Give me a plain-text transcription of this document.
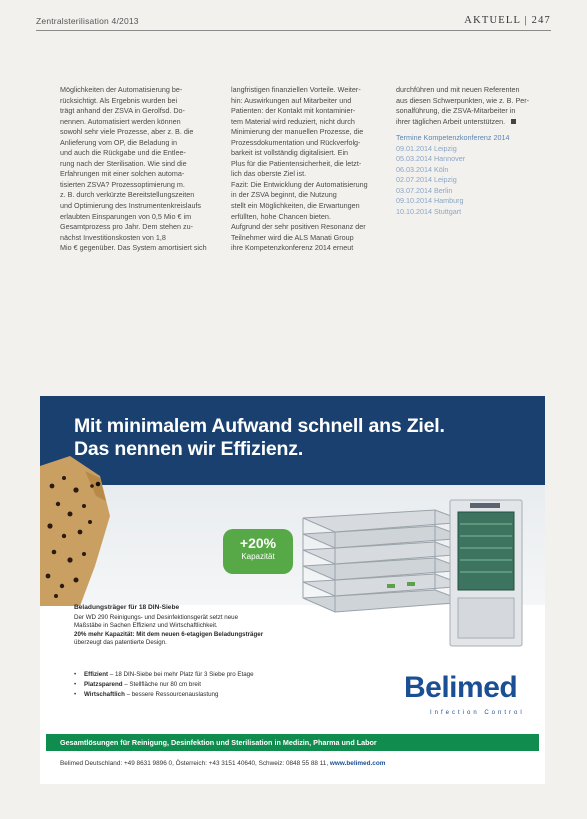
Zentralsterilisation 4/2013	AKTUELL | 247
Möglichkeiten der Automatisierung be-
rücksichtigt. Als Ergebnis wurden bei
trägt anhand der ZSVA in Gerolfsd. Do-
nennen. Automatisiert werden können
sowohl sehr viele Prozesse, aber z. B. die
Anlieferung vom OP, die Beladung in
und auch die Rückgabe und die Entlee-
rung nach der Sterilisation. Wie sind die
Erfahrungen mit einer solchen automa-
tisierten ZSVA? Prozessoptimierung m.
z. B. durch verkürzte Bereitstellungszeiten
und Optimierung des Instrumentenkreislaufs
erlaubten Einsparungen von 0,5 Mio € im
Gesamtprozess pro Jahr. Dem stehen zu-
nächst Investitionskosten von 1,8
Mio € gegenüber. Das System amortisiert sich
langfristigen finanziellen Vorteile. Weiter-
hin: Auswirkungen auf Mitarbeiter und
Patienten: der Kontakt mit kontaminier-
tem Material wird reduziert, nicht durch
Minimierung der manuellen Prozesse, die
Prozessdokumentation und Rückverfolg-
barkeit ist vollständig digitalisiert. Ein
Plus für die Patientensicherheit, die letzt-
lich das oberste Ziel ist.
Fazit: Die Entwicklung der Automatisierung
in der ZSVA beginnt, die Nutzung
stellt ein Möglichkeiten, die Erwartungen
erfüllten, hohe Chancen bieten.
Aufgrund der sehr positiven Resonanz der
Teilnehmer wird die ALS Manati Group
ihre Kompetenzkonferenz 2014 erneut
durchführen und mit neuen Referenten
aus diesen Schwerpunkten, wie z. B. Per-
sonalführung, die ZSVA-Mitarbeiter in
ihrer täglichen Arbeit unterstützen.
Termine Kompetenzkonferenz 2014
09.01.2014 Leipzig
05.03.2014 Hannover
06.03.2014 Köln
02.07.2014 Leipzig
03.07.2014 Berlin
09.10.2014 Hamburg
10.10.2014 Stuttgart
Mit minimalem Aufwand schnell ans Ziel.
Das nennen wir Effizienz.
+20%
Kapazität
Beladungsträger für 18 DIN-Siebe
Der WD 290 Reinigungs- und Desinfektionsgerät setzt neue
Maßstäbe in Sachen Effizienz und Wirtschaftlichkeit.
20% mehr Kapazität: Mit dem neuen 6-etagigen Beladungsträger
überzeugt das patentierte Design.
• Effizient – 18 DIN-Siebe bei mehr Platz für 3 Siebe pro Etage
• Platzsparend – Stellfläche nur 80 cm breit
• Wirtschaftlich – bessere Ressourcenauslastung	Belimed
Infection Control
Gesamtlösungen für Reinigung, Desinfektion und Sterilisation in Medizin, Pharma und Labor
Belimed Deutschland: +49 8631 9896 0, Österreich: +43 3151 40640, Schweiz: 0848 55 88 11, www.belimed.com
